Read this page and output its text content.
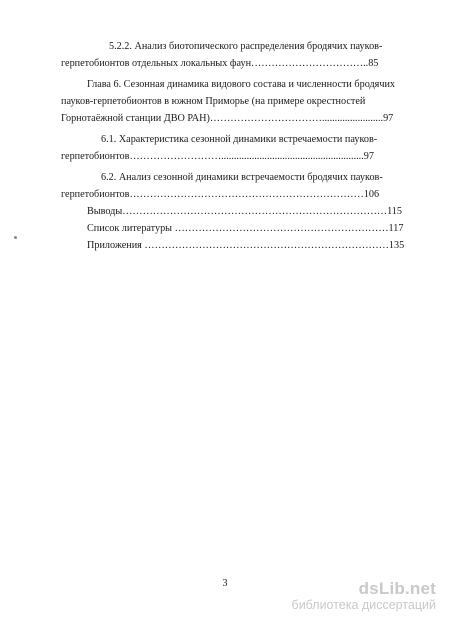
5.2.2. Анализ биотопического распределения бродячих пауков-
герпетобионтов отдельных локальных фаун……………………………..85
Глава 6. Сезонная динамика видового состава и численности бродячих
пауков-герпетобионтов в южном Приморье (на примере окрестностей
Горнотаёжной станции ДВО РАН)……………………………........................97
6.1. Характеристика сезонной динамики встречаемости пауков-
герпетобионтов………………………........................................................97
6.2. Анализ сезонной динамики встречаемости бродячих пауков-
герпетобионтов……………………………………………………………106
Выводы……………………………………………………………………115
Список литературы ………………………………………………………117
Приложения ………………………………………………………………135
3	dsLib.net
библиотека диссертаций
